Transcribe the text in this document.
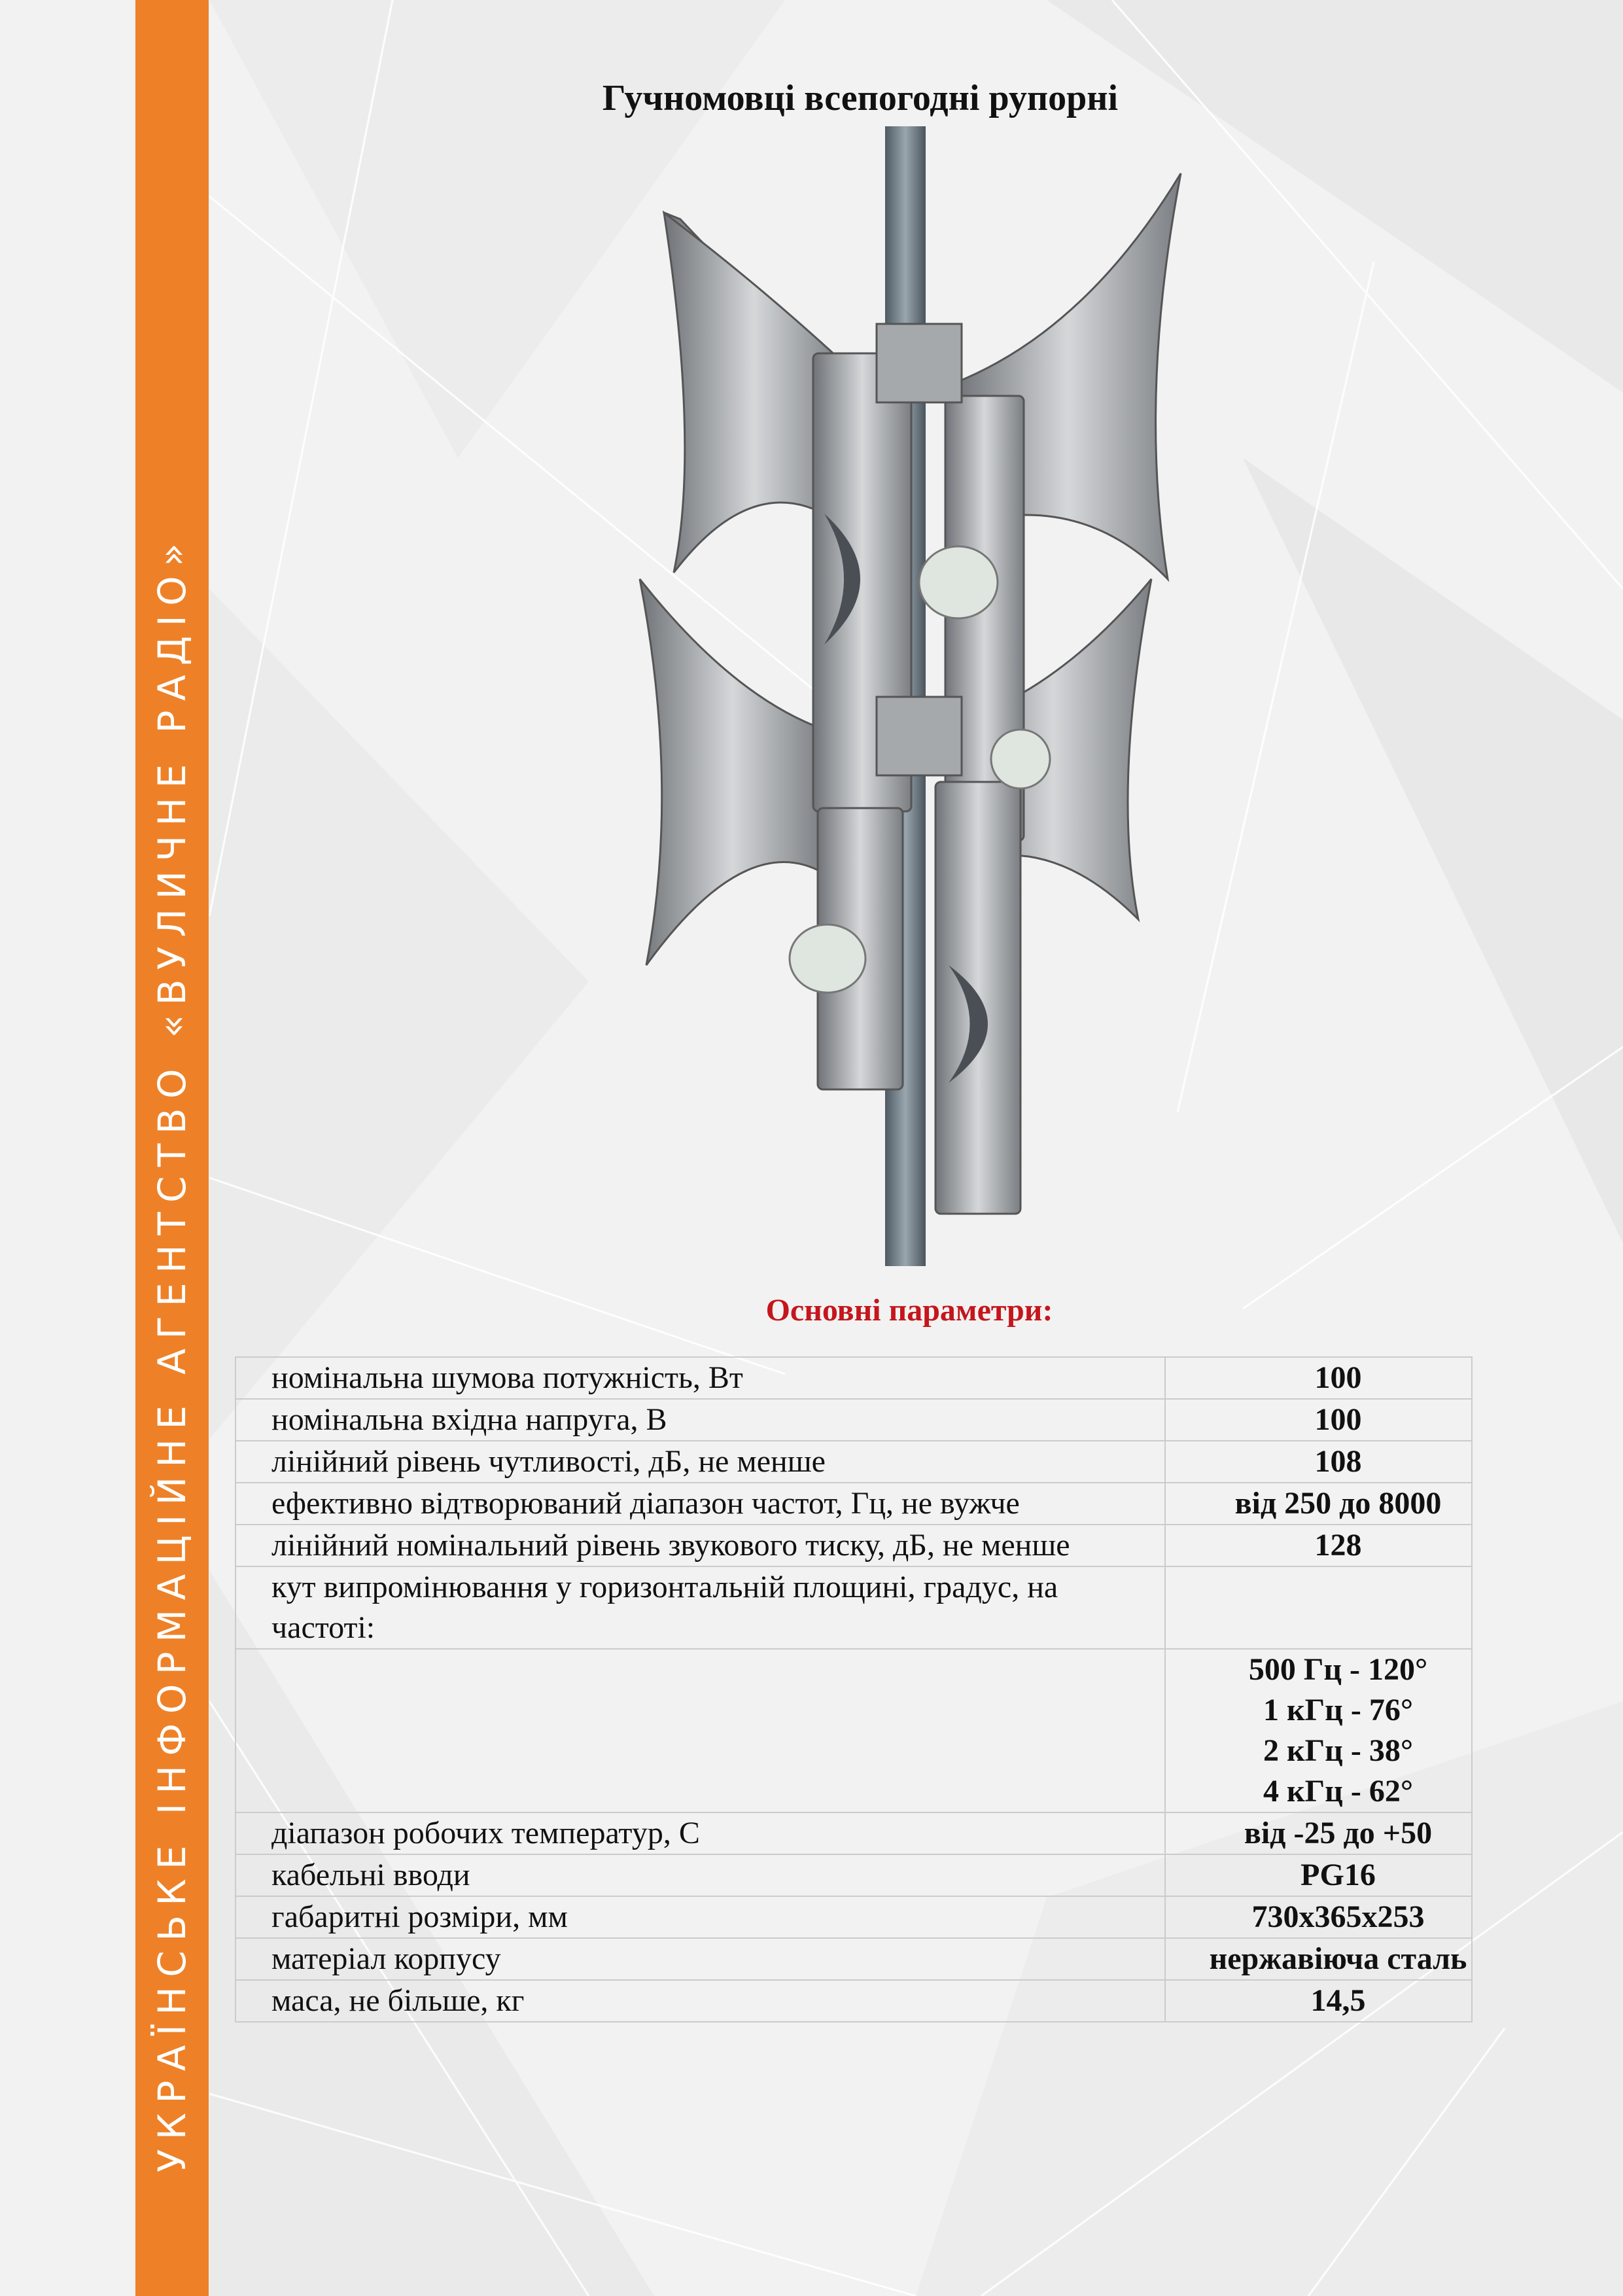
УКРАЇНСЬКЕ ІНФОРМАЦІЙНЕ АГЕНТСТВО «ВУЛИЧНЕ РАДІО»
Гучномовці всепогодні рупорні
Основні параметри:
номінальна шумова потужність, Вт	100

номінальна вхідна напруга, В	100

лінійний рівень чутливості, дБ, не менше	108

ефективно відтворюваний діапазон частот, Гц, не вужче	від 250 до 8000

лінійний номінальний рівень звукового тиску, дБ, не менше	128

кут випромінювання у горизонтальній площині, градус, на частоті:	

	500 Гц - 120°
1 кГц - 76°
2 кГц - 38°
4 кГц - 62°

діапазон робочих температур, С	від -25 до +50

кабельні вводи	PG16

габаритні розміри, мм	730х365х253

матеріал корпусу	нержавіюча сталь

маса, не більше, кг	14,5
